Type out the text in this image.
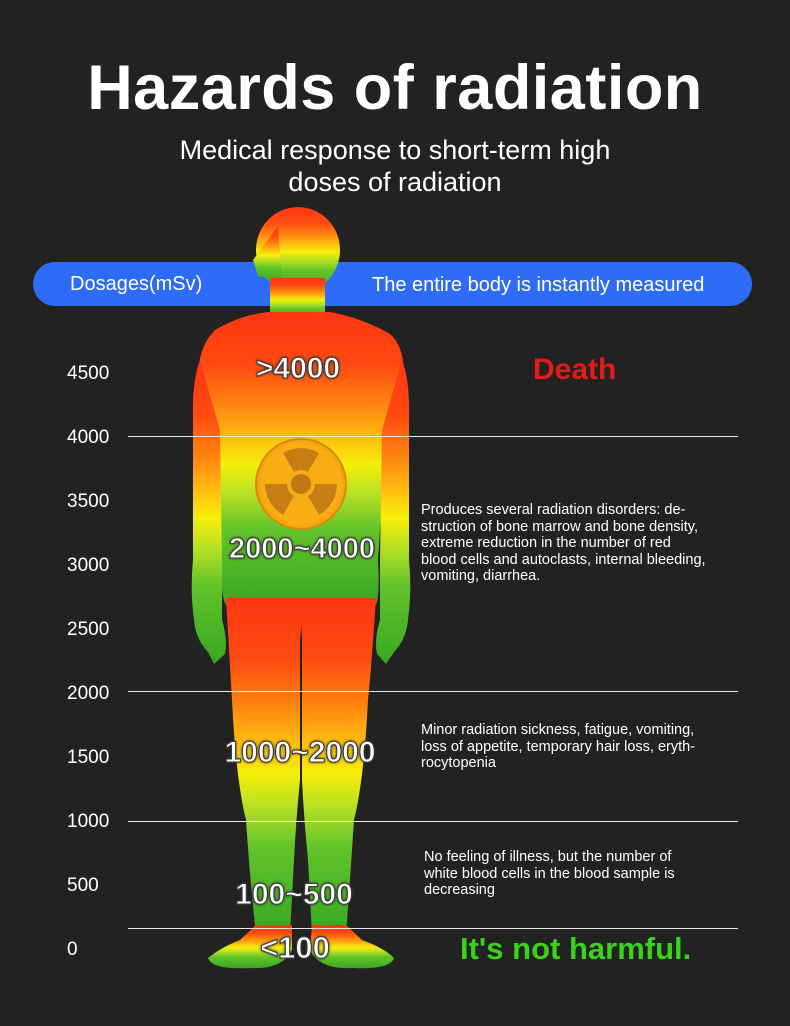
Hazards of radiation
Medical response to short-term high
doses of radiation
Dosages(mSv)	The entire body is instantly measured
4500
4000
3500
3000
2500
2000
1500
1000
500
0
>4000
2000~4000
1000~2000
100~500
<100
Death
Produces several radiation disorders: de-
struction of bone marrow and bone density,
extreme reduction in the number of red
blood cells and autoclasts, internal bleeding,
vomiting, diarrhea.
Minor radiation sickness, fatigue, vomiting,
loss of appetite, temporary hair loss, eryth-
rocytopenia
No feeling of illness, but the number of
white blood cells in the blood sample is
decreasing
It's not harmful.
